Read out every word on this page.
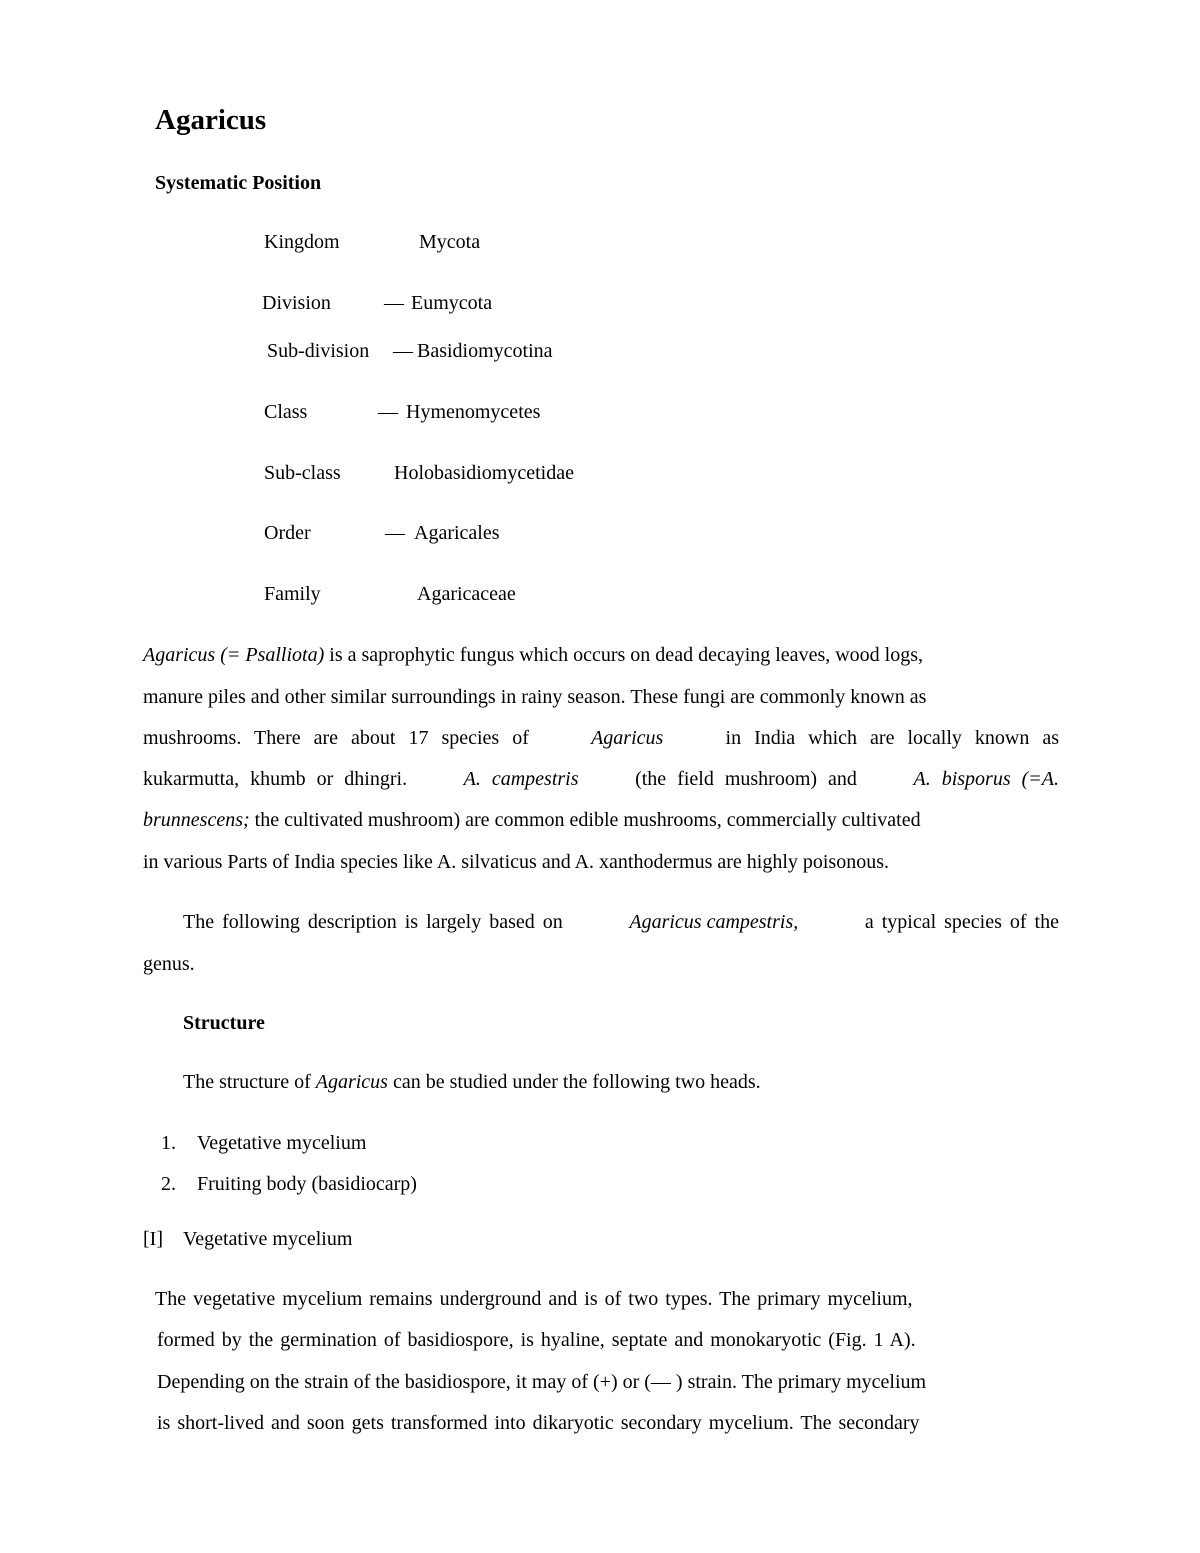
Agaricus
Systematic Position
Kingdom	Mycota
Division	— Eumycota
Sub-division — Basidiomycotina
Class	— Hymenomycetes
Sub-class	Holobasidiomycetidae
Order	— Agaricales
Family	Agaricaceae
Agaricus (= Psalliota) is a saprophytic fungus which occurs on dead decaying leaves, wood logs,
manure piles and other similar surroundings in rainy season. These fungi are commonly known as
mushrooms. There are about 17 species of	Agaricus	in India which are locally known as
kukarmutta, khumb or dhingri.	A. campestris	(the field mushroom) and	A. bisporus (=A.
brunnescens; the cultivated mushroom) are common edible mushrooms, commercially cultivated
in various Parts of India species like A. silvaticus and A. xanthodermus are highly poisonous.
The following description is largely based on	Agaricus campestris,	a typical species of the
genus.
Structure
The structure of Agaricus can be studied under the following two heads.
1. Vegetative mycelium
2. Fruiting body (basidiocarp)
[I] Vegetative mycelium
The vegetative mycelium remains underground and is of two types. The primary mycelium,
formed by the germination of basidiospore, is hyaline, septate and monokaryotic (Fig. 1 A).
Depending on the strain of the basidiospore, it may of (+) or (— ) strain. The primary mycelium
is short-lived and soon gets transformed into dikaryotic secondary mycelium. The secondary
